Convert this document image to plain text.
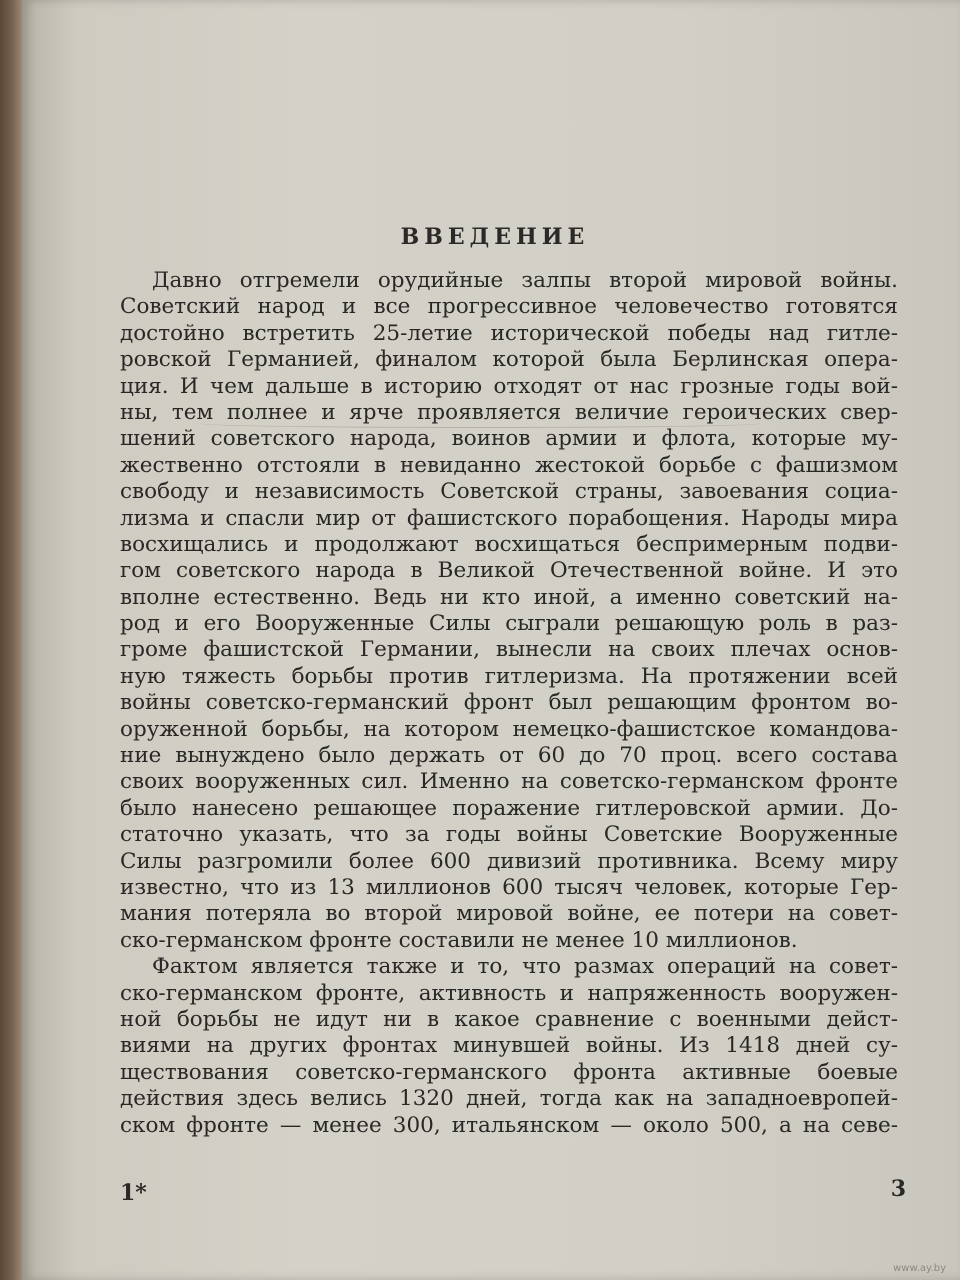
ВВЕДЕНИЕ
Давно отгремели орудийные залпы второй мировой войны.
Советский народ и все прогрессивное человечество готовятся
достойно встретить 25-летие исторической победы над гитле-
ровской Германией, финалом которой была Берлинская опера-
ция. И чем дальше в историю отходят от нас грозные годы вой-
ны, тем полнее и ярче проявляется величие героических свер-
шений советского народа, воинов армии и флота, которые му-
жественно отстояли в невиданно жестокой борьбе с фашизмом
свободу и независимость Советской страны, завоевания социа-
лизма и спасли мир от фашистского порабощения. Народы мира
восхищались и продолжают восхищаться беспримерным подви-
гом советского народа в Великой Отечественной войне. И это
вполне естественно. Ведь ни кто иной, а именно советский на-
род и его Вооруженные Силы сыграли решающую роль в раз-
громе фашистской Германии, вынесли на своих плечах основ-
ную тяжесть борьбы против гитлеризма. На протяжении всей
войны советско-германский фронт был решающим фронтом во-
оруженной борьбы, на котором немецко-фашистское командова-
ние вынуждено было держать от 60 до 70 проц. всего состава
своих вооруженных сил. Именно на советско-германском фронте
было нанесено решающее поражение гитлеровской армии. До-
статочно указать, что за годы войны Советские Вооруженные
Силы разгромили более 600 дивизий противника. Всему миру
известно, что из 13 миллионов 600 тысяч человек, которые Гер-
мания потеряла во второй мировой войне, ее потери на совет-
ско-германском фронте составили не менее 10 миллионов.
Фактом является также и то, что размах операций на совет-
ско-германском фронте, активность и напряженность вооружен-
ной борьбы не идут ни в какое сравнение с военными дейст-
виями на других фронтах минувшей войны. Из 1418 дней су-
ществования советско-германского фронта активные боевые
действия здесь велись 1320 дней, тогда как на западноевропей-
ском фронте — менее 300, итальянском — около 500, а на севе-
1*	3
www.ay.by
